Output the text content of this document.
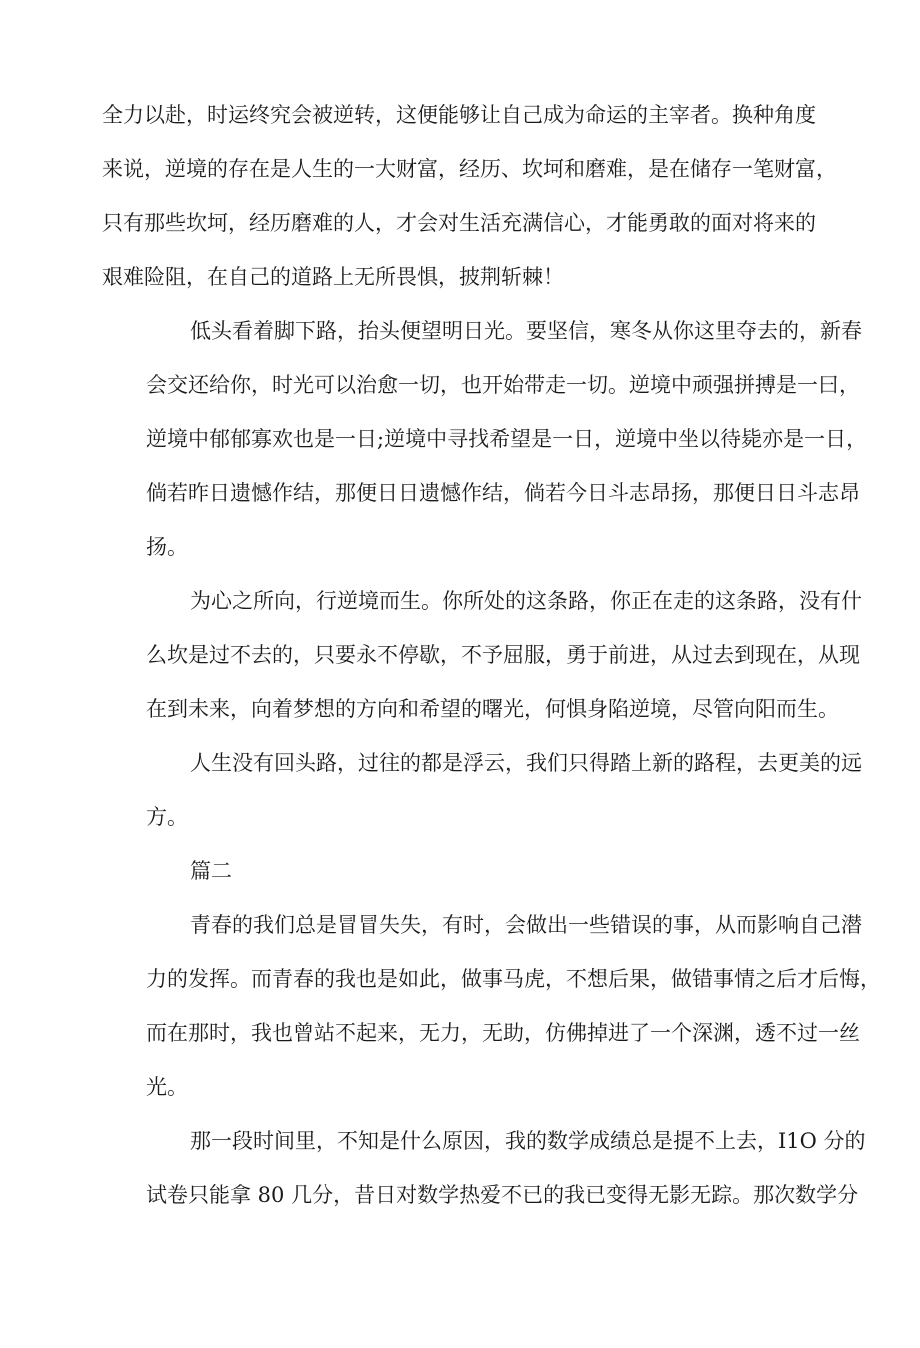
全力以赴，时运终究会被逆转，这便能够让自己成为命运的主宰者。换种角度
来说，逆境的存在是人生的一大财富，经历、坎坷和磨难，是在储存一笔财富，
只有那些坎坷，经历磨难的人，才会对生活充满信心，才能勇敢的面对将来的
艰难险阻，在自己的道路上无所畏惧，披荆斩棘！
低头看着脚下路，抬头便望明日光。要坚信，寒冬从你这里夺去的，新春
会交还给你，时光可以治愈一切，也开始带走一切。逆境中顽强拼搏是一曰，
逆境中郁郁寡欢也是一日;逆境中寻找希望是一日，逆境中坐以待毙亦是一日，
倘若昨日遗憾作结，那便日日遗憾作结，倘若今日斗志昂扬，那便日日斗志昂
扬。
为心之所向，行逆境而生。你所处的这条路，你正在走的这条路，没有什
么坎是过不去的，只要永不停歇，不予屈服，勇于前进，从过去到现在，从现
在到未来，向着梦想的方向和希望的曙光，何惧身陷逆境，尽管向阳而生。
人生没有回头路，过往的都是浮云，我们只得踏上新的路程，去更美的远
方。
篇二
青春的我们总是冒冒失失，有时，会做出一些错误的事，从而影响自己潜
力的发挥。而青春的我也是如此，做事马虎，不想后果，做错事情之后才后悔，
而在那时，我也曾站不起来，无力，无助，仿佛掉进了一个深渊，透不过一丝
光。
那一段时间里，不知是什么原因，我的数学成绩总是提不上去，I1O 分的
试卷只能拿 80 几分，昔日对数学热爱不已的我已变得无影无踪。那次数学分
